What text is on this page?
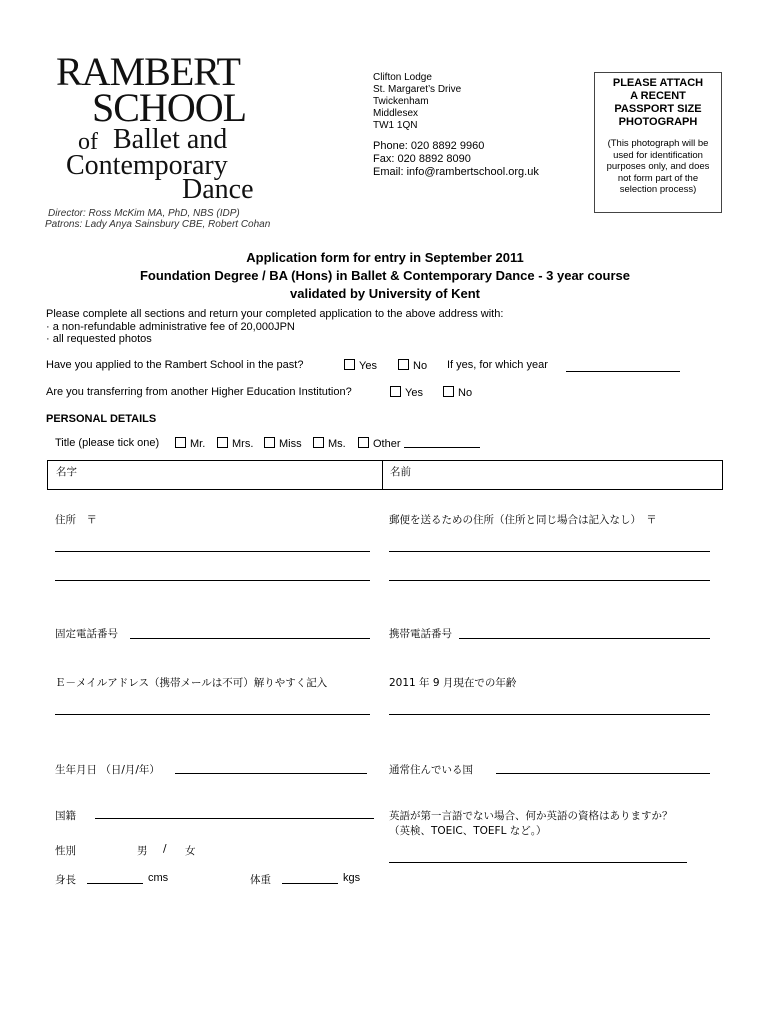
RAMBERT
SCHOOL
of Ballet and
Contemporary
Dance
Clifton Lodge
St. Margaret’s Drive
Twickenham
Middlesex
TW1 1QN
Phone: 020 8892 9960
Fax: 020 8892 8090
Email: info@rambertschool.org.uk
PLEASE ATTACH
A RECENT
PASSPORT SIZE
PHOTOGRAPH
(This photograph will be used for identification purposes only, and does not form part of the selection process)
Director: Ross McKim MA, PhD, NBS (IDP)
Patrons: Lady Anya Sainsbury CBE, Robert Cohan
Application form for entry in September 2011
Foundation Degree / BA (Hons) in Ballet & Contemporary Dance - 3 year course
validated by University of Kent
Please complete all sections and return your completed application to the above address with:
· a non-refundable administrative fee of 20,000JPN
· all requested photos
Have you applied to the Rambert School in the past?	Yes	No If yes, for which year
Are you transferring from another Higher Education Institution?	Yes	No
PERSONAL DETAILS
Title (please tick one)	Mr.	Mrs.	Miss	Ms.	Other
名字	名前
住所　〒	郵便を送るための住所（住所と同じ場合は記入なし）　〒
固定電話番号	携帯電話番号
Ｅ－メイルアドレス（携帯メールは不可）解りやすく記入	2011 年 9 月現在での年齢
生年月日 （日/月/年）	通常住んでいる国
国籍	英語が第一言語でない場合、何か英語の資格はありますか？
（英検、TOEIC、TOEFL など。）
性別	男 / 女
身長	cms	体重	kgs
